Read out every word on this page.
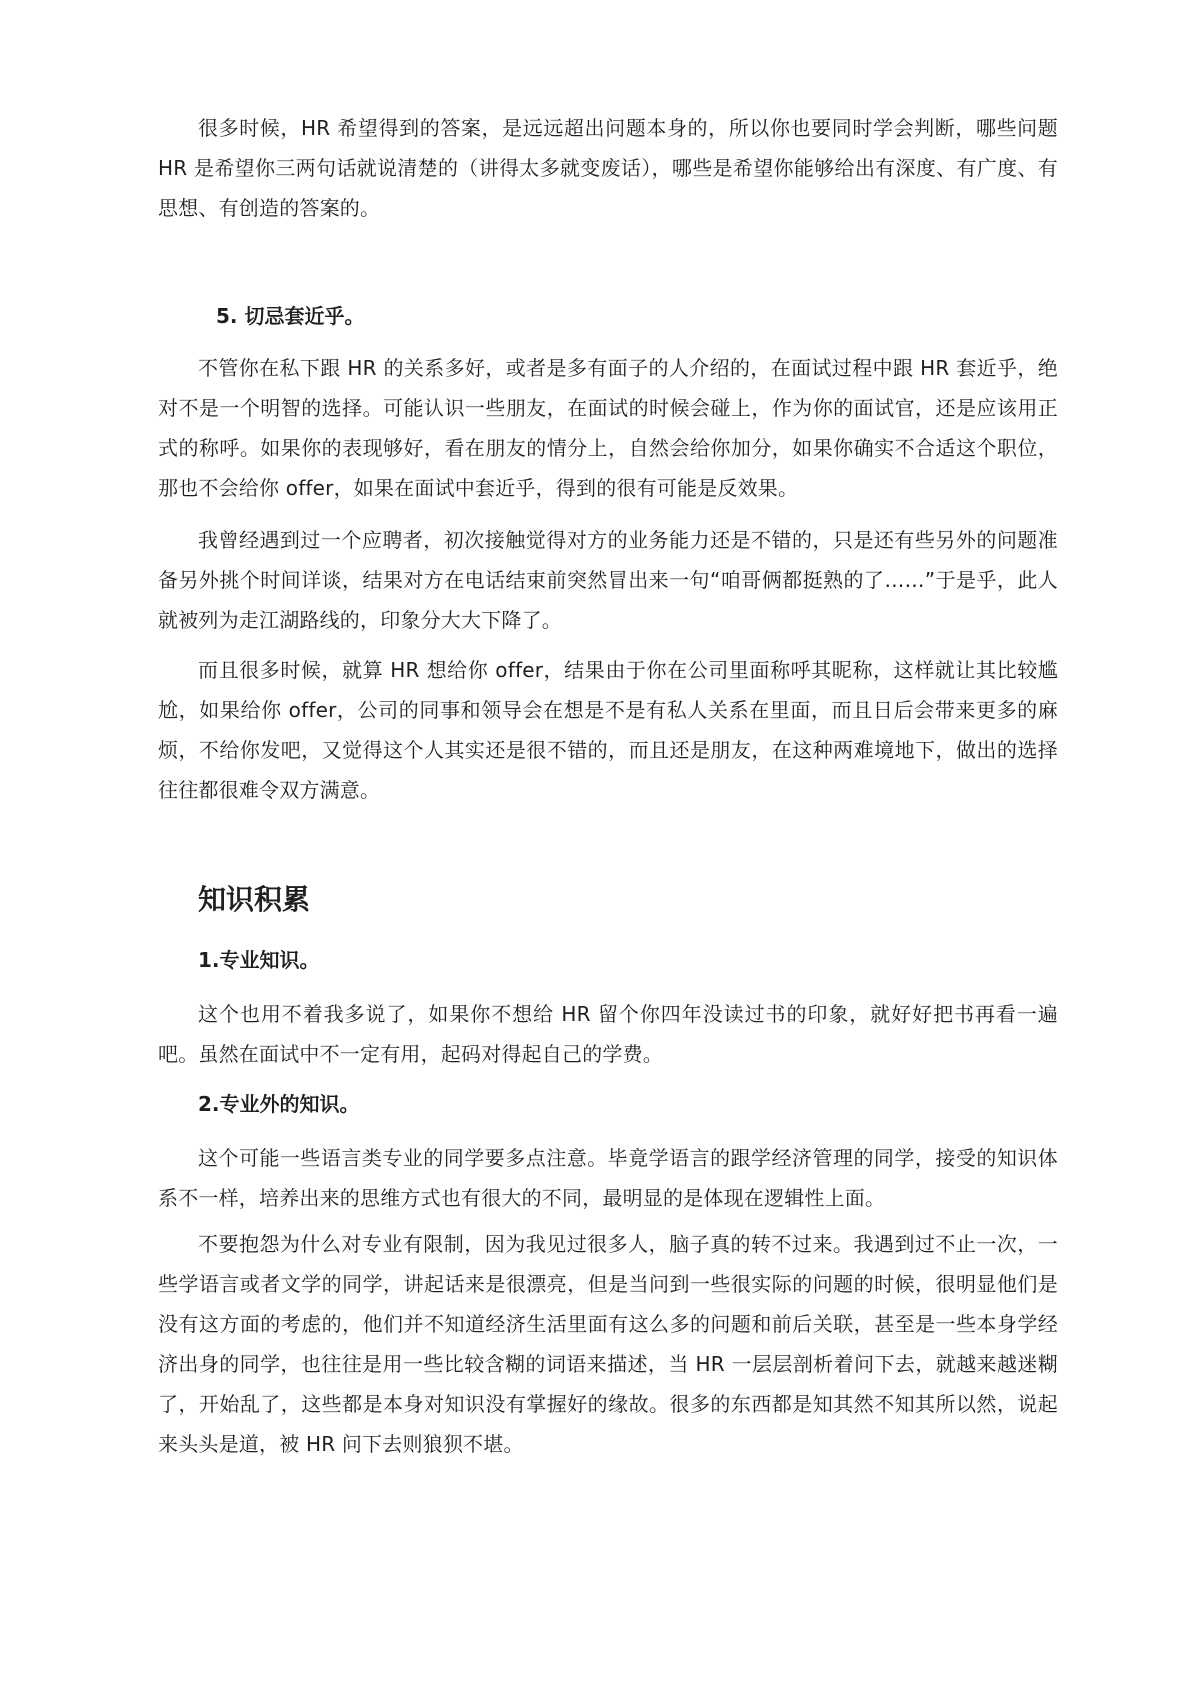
很多时候，HR 希望得到的答案，是远远超出问题本身的，所以你也要同时学会判断，哪些问题 HR 是希望你三两句话就说清楚的（讲得太多就变废话），哪些是希望你能够给出有深度、有广度、有思想、有创造的答案的。

5. 切忌套近乎。

不管你在私下跟 HR 的关系多好，或者是多有面子的人介绍的，在面试过程中跟 HR 套近乎，绝对不是一个明智的选择。可能认识一些朋友，在面试的时候会碰上，作为你的面试官，还是应该用正式的称呼。如果你的表现够好，看在朋友的情分上，自然会给你加分，如果你确实不合适这个职位，那也不会给你 offer，如果在面试中套近乎，得到的很有可能是反效果。

我曾经遇到过一个应聘者，初次接触觉得对方的业务能力还是不错的，只是还有些另外的问题准备另外挑个时间详谈，结果对方在电话结束前突然冒出来一句“咱哥俩都挺熟的了……”于是乎，此人就被列为走江湖路线的，印象分大大下降了。

而且很多时候，就算 HR 想给你 offer，结果由于你在公司里面称呼其昵称，这样就让其比较尴尬，如果给你 offer，公司的同事和领导会在想是不是有私人关系在里面，而且日后会带来更多的麻烦，不给你发吧，又觉得这个人其实还是很不错的，而且还是朋友，在这种两难境地下，做出的选择往往都很难令双方满意。

知识积累

1.专业知识。

这个也用不着我多说了，如果你不想给 HR 留个你四年没读过书的印象，就好好把书再看一遍吧。虽然在面试中不一定有用，起码对得起自己的学费。

2.专业外的知识。

这个可能一些语言类专业的同学要多点注意。毕竟学语言的跟学经济管理的同学，接受的知识体系不一样，培养出来的思维方式也有很大的不同，最明显的是体现在逻辑性上面。

不要抱怨为什么对专业有限制，因为我见过很多人，脑子真的转不过来。我遇到过不止一次，一些学语言或者文学的同学，讲起话来是很漂亮，但是当问到一些很实际的问题的时候，很明显他们是没有这方面的考虑的，他们并不知道经济生活里面有这么多的问题和前后关联，甚至是一些本身学经济出身的同学，也往往是用一些比较含糊的词语来描述，当 HR 一层层剖析着问下去，就越来越迷糊了，开始乱了，这些都是本身对知识没有掌握好的缘故。很多的东西都是知其然不知其所以然，说起来头头是道，被 HR 问下去则狼狈不堪。
